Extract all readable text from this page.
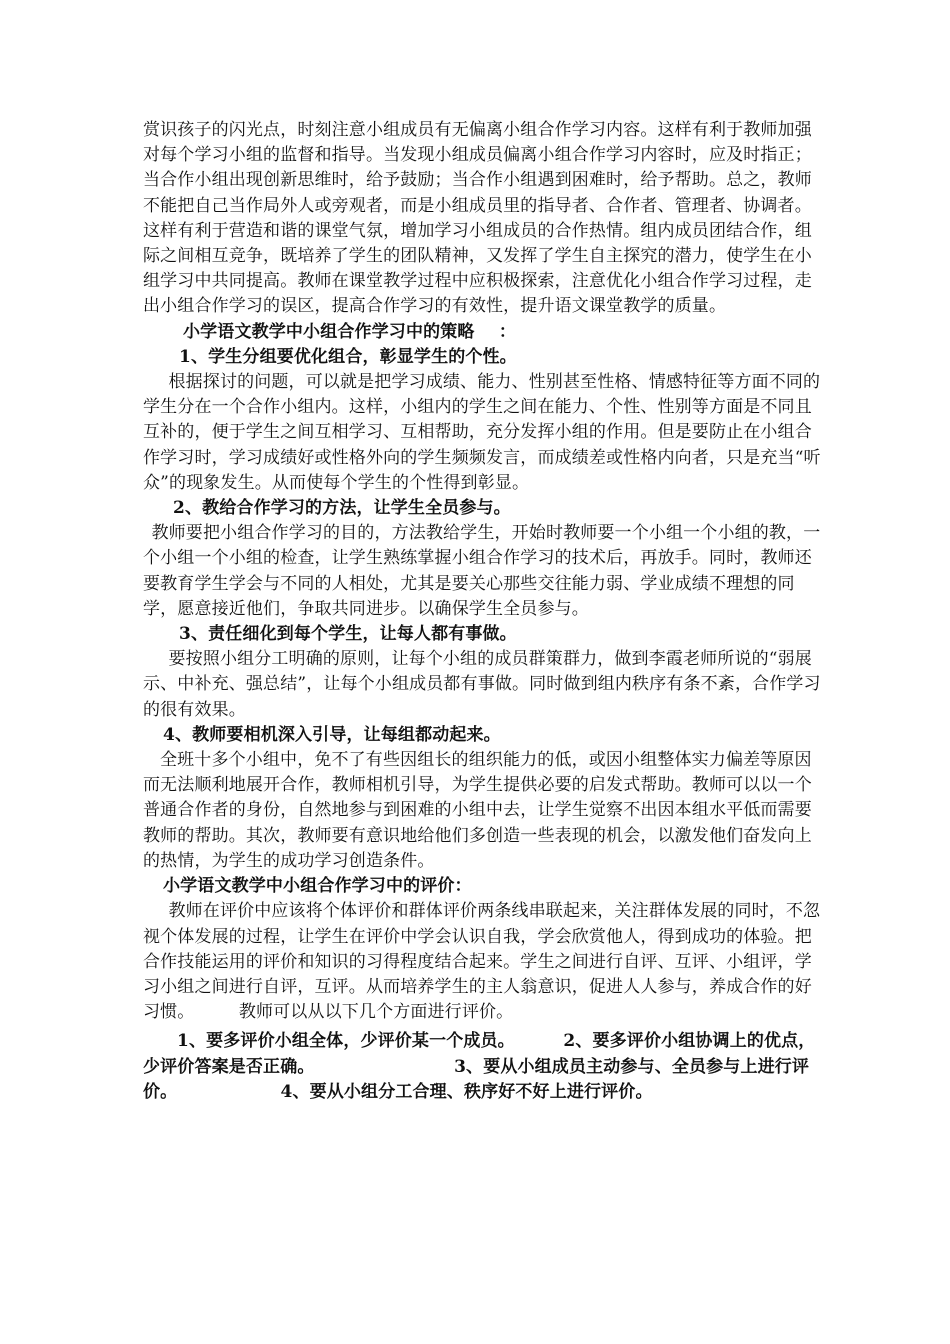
赏识孩子的闪光点，时刻注意小组成员有无偏离小组合作学习内容。这样有利于教师加强对每个学习小组的监督和指导。当发现小组成员偏离小组合作学习内容时，应及时指正；当合作小组出现创新思维时，给予鼓励；当合作小组遇到困难时，给予帮助。总之，教师不能把自己当作局外人或旁观者，而是小组成员里的指导者、合作者、管理者、协调者。这样有利于营造和谐的课堂气氛，增加学习小组成员的合作热情。组内成员团结合作，组际之间相互竞争，既培养了学生的团队精神，又发挥了学生自主探究的潜力，使学生在小组学习中共同提高。教师在课堂教学过程中应积极探索，注意优化小组合作学习过程，走出小组合作学习的误区，提高合作学习的有效性，提升语文课堂教学的质量。

小学语文教学中小组合作学习中的策略    ：

1、学生分组要优化组合，彰显学生的个性。

根据探讨的问题，可以就是把学习成绩、能力、性别甚至性格、情感特征等方面不同的学生分在一个合作小组内。这样，小组内的学生之间在能力、个性、性别等方面是不同且互补的，便于学生之间互相学习、互相帮助，充分发挥小组的作用。但是要防止在小组合作学习时，学习成绩好或性格外向的学生频频发言，而成绩差或性格内向者，只是充当“听众”的现象发生。从而使每个学生的个性得到彰显。

2、教给合作学习的方法，让学生全员参与。

教师要把小组合作学习的目的，方法教给学生，开始时教师要一个小组一个小组的教，一个小组一个小组的检查，让学生熟练掌握小组合作学习的技术后，再放手。同时，教师还要教育学生学会与不同的人相处，尤其是要关心那些交往能力弱、学业成绩不理想的同学，愿意接近他们，争取共同进步。以确保学生全员参与。

3、责任细化到每个学生，让每人都有事做。

要按照小组分工明确的原则，让每个小组的成员群策群力，做到李霞老师所说的“弱展示、中补充、强总结”，让每个小组成员都有事做。同时做到组内秩序有条不紊，合作学习的很有效果。

4、教师要相机深入引导，让每组都动起来。

全班十多个小组中，免不了有些因组长的组织能力的低，或因小组整体实力偏差等原因而无法顺利地展开合作，教师相机引导，为学生提供必要的启发式帮助。教师可以以一个普通合作者的身份，自然地参与到困难的小组中去，让学生觉察不出因本组水平低而需要教师的帮助。其次，教师要有意识地给他们多创造一些表现的机会，以激发他们奋发向上的热情，为学生的成功学习创造条件。

小学语文教学中小组合作学习中的评价：

教师在评价中应该将个体评价和群体评价两条线串联起来，关注群体发展的同时，不忽视个体发展的过程，让学生在评价中学会认识自我，学会欣赏他人，得到成功的体验。把合作技能运用的评价和知识的习得程度结合起来。学生之间进行自评、互评、小组评，学习小组之间进行自评，互评。从而培养学生的主人翁意识，促进人人参与，养成合作的好习惯。        教师可以从以下几个方面进行评价。

1、要多评价小组全体，少评价某一个成员。        2、要多评价小组协调上的优点，少评价答案是否正确。                       3、要从小组成员主动参与、全员参与上进行评价。                 4、要从小组分工合理、秩序好不好上进行评价。
